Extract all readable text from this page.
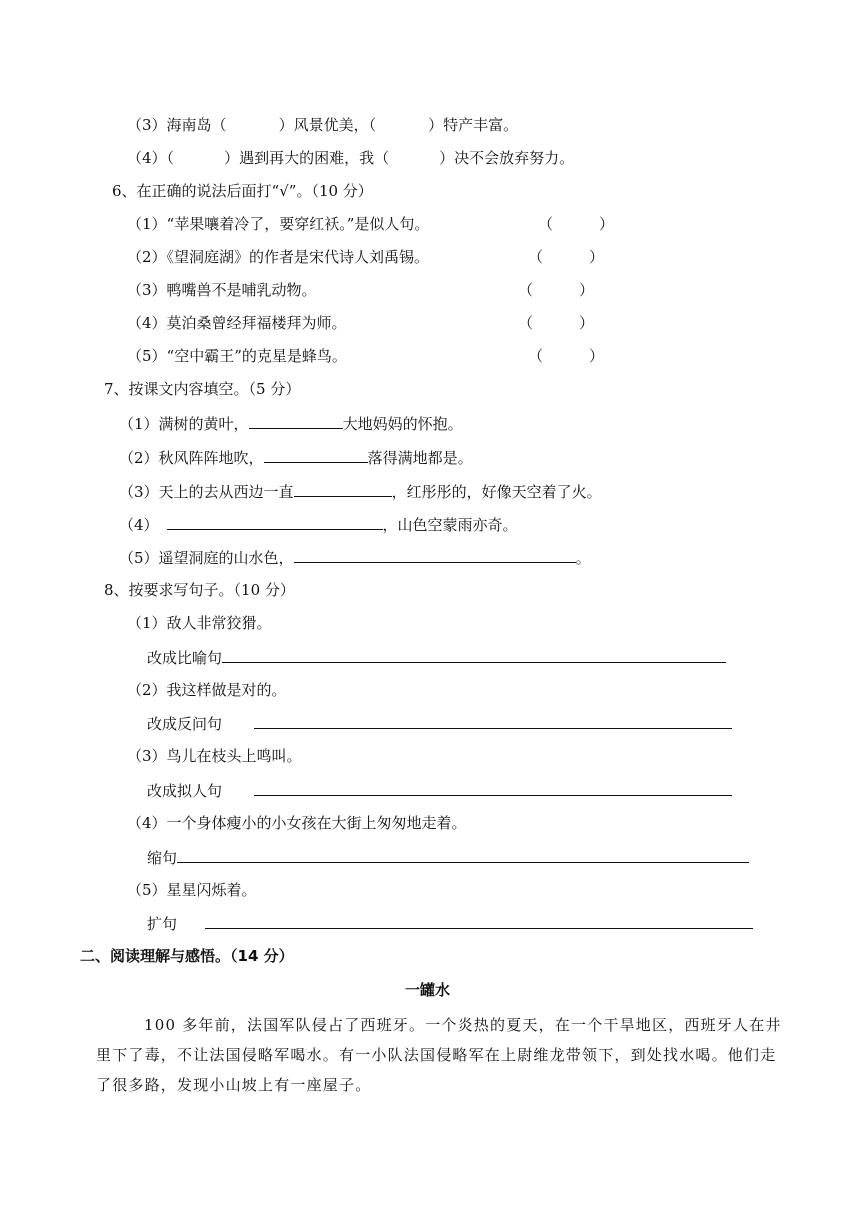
（3）海南岛（	）风景优美，（	）特产丰富。
（4）（	）遇到再大的困难，我（	）决不会放弃努力。
6、在正确的说法后面打“√”。（10 分）
（1）“苹果嚷着冷了，要穿红袄。”是似人句。	（	）
（2）《望洞庭湖》的作者是宋代诗人刘禹锡。	（	）
（3）鸭嘴兽不是哺乳动物。	（	）
（4）莫泊桑曾经拜福楼拜为师。	（	）
（5）“空中霸王”的克星是蜂鸟。	（	）
7、按课文内容填空。（5 分）
（1）满树的黄叶，	大地妈妈的怀抱。
（2）秋风阵阵地吹，	落得满地都是。
（3）天上的去从西边一直	，红彤彤的，好像天空着了火。
（4）	，山色空蒙雨亦奇。
（5）遥望洞庭的山水色，	。
8、按要求写句子。（10 分）
（1）敌人非常狡猾。
改成比喻句
（2）我这样做是对的。
改成反问句
（3）鸟儿在枝头上鸣叫。
改成拟人句
（4）一个身体瘦小的小女孩在大街上匆匆地走着。
缩句
（5）星星闪烁着。
扩句
二、阅读理解与感悟。（14 分）
一罐水
100 多年前，法国军队侵占了西班牙。一个炎热的夏天，在一个干旱地区，西班牙人在井里下了毒，不让法国侵略军喝水。有一小队法国侵略军在上尉维龙带领下，到处找水喝。他们走了很多路，发现小山坡上有一座屋子。
